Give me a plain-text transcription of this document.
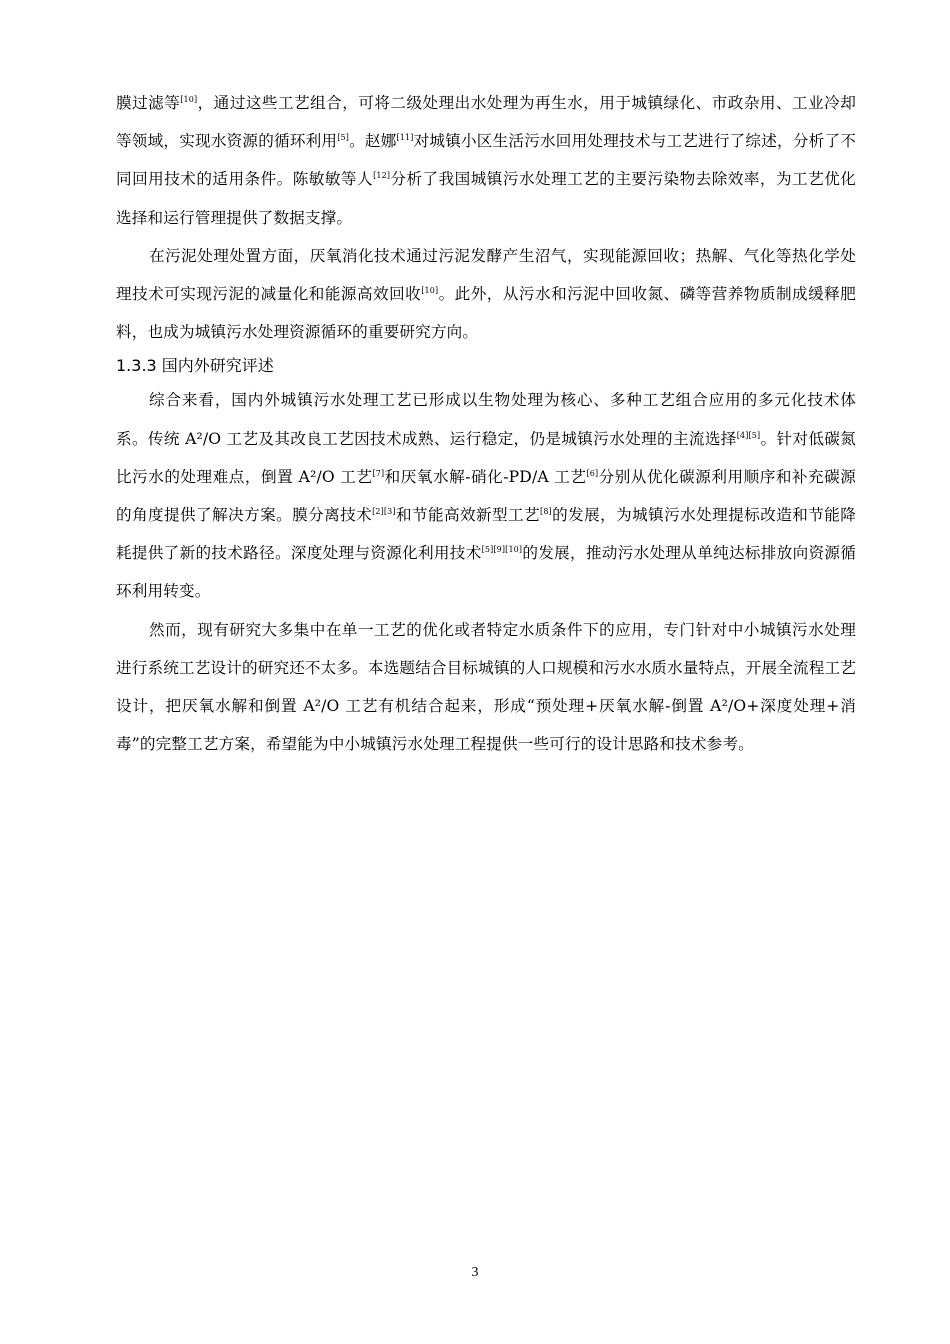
膜过滤等[10]，通过这些工艺组合，可将二级处理出水处理为再生水，用于城镇绿化、市政杂用、工业冷却等领域，实现水资源的循环利用[5]。赵娜[11]对城镇小区生活污水回用处理技术与工艺进行了综述，分析了不同回用技术的适用条件。陈敏敏等人[12]分析了我国城镇污水处理工艺的主要污染物去除效率，为工艺优化选择和运行管理提供了数据支撑。

在污泥处理处置方面，厌氧消化技术通过污泥发酵产生沼气，实现能源回收；热解、气化等热化学处理技术可实现污泥的减量化和能源高效回收[10]。此外，从污水和污泥中回收氮、磷等营养物质制成缓释肥料，也成为城镇污水处理资源循环的重要研究方向。

1.3.3 国内外研究评述

综合来看，国内外城镇污水处理工艺已形成以生物处理为核心、多种工艺组合应用的多元化技术体系。传统 A²/O 工艺及其改良工艺因技术成熟、运行稳定，仍是城镇污水处理的主流选择[4][5]。针对低碳氮比污水的处理难点，倒置 A²/O 工艺[7]和厌氧水解-硝化-PD/A 工艺[6]分别从优化碳源利用顺序和补充碳源的角度提供了解决方案。膜分离技术[2][3]和节能高效新型工艺[8]的发展，为城镇污水处理提标改造和节能降耗提供了新的技术路径。深度处理与资源化利用技术[5][9][10]的发展，推动污水处理从单纯达标排放向资源循环利用转变。

然而，现有研究大多集中在单一工艺的优化或者特定水质条件下的应用，专门针对中小城镇污水处理进行系统工艺设计的研究还不太多。本选题结合目标城镇的人口规模和污水水质水量特点，开展全流程工艺设计，把厌氧水解和倒置 A²/O 工艺有机结合起来，形成“预处理+厌氧水解-倒置 A²/O+深度处理+消毒”的完整工艺方案，希望能为中小城镇污水处理工程提供一些可行的设计思路和技术参考。

3
